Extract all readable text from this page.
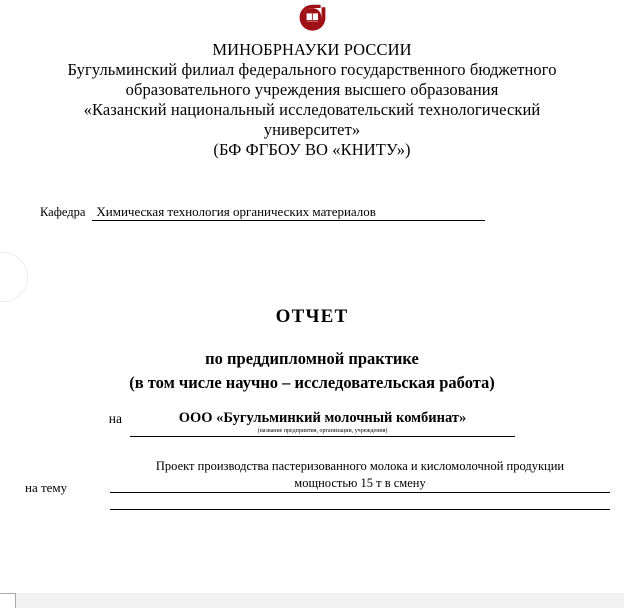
МИНОБРНАУКИ РОССИИ
Бугульминский филиал федерального государственного бюджетного
образовательного учреждения высшего образования
«Казанский национальный исследовательский технологический
университет»
(БФ ФГБОУ ВО «КНИТУ»)
Кафедра Химическая технология органических материалов
ОТЧЕТ
по преддипломной практике
(в том числе научно – исследовательская работа)
на	ООО «Бугульминкий молочный комбинат»
(название предприятия, организации, учреждения)
на тему
Проект производства пастеризованного молока и кисломолочной продукции
мощностью 15 т в смену
